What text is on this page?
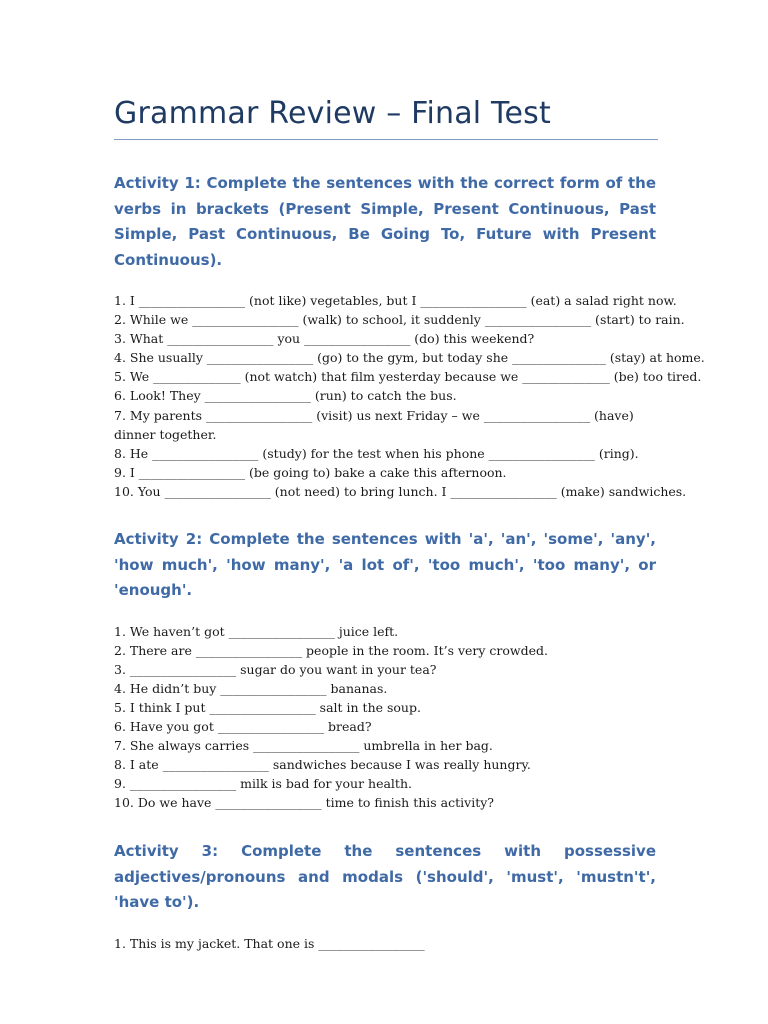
Grammar Review – Final Test

Activity 1: Complete the sentences with the correct form of the verbs in brackets (Present Simple, Present Continuous, Past Simple, Past Continuous, Be Going To, Future with Present Continuous).

1. I _________________ (not like) vegetables, but I _________________ (eat) a salad right now.
2. While we _________________ (walk) to school, it suddenly _________________ (start) to rain.
3. What _________________ you _________________ (do) this weekend?
4. She usually _________________ (go) to the gym, but today she _______________ (stay) at home.
5. We ______________ (not watch) that film yesterday because we ______________ (be) too tired.
6. Look! They _________________ (run) to catch the bus.
7. My parents _________________ (visit) us next Friday – we _________________ (have) dinner together.
8. He _________________ (study) for the test when his phone _________________ (ring).
9. I _________________ (be going to) bake a cake this afternoon.
10. You _________________ (not need) to bring lunch. I _________________ (make) sandwiches.

Activity 2: Complete the sentences with 'a', 'an', 'some', 'any', 'how much', 'how many', 'a lot of', 'too much', 'too many', or 'enough'.

1. We haven’t got _________________ juice left.
2. There are _________________ people in the room. It’s very crowded.
3. _________________ sugar do you want in your tea?
4. He didn’t buy _________________ bananas.
5. I think I put _________________ salt in the soup.
6. Have you got _________________ bread?
7. She always carries _________________ umbrella in her bag.
8. I ate _________________ sandwiches because I was really hungry.
9. _________________ milk is bad for your health.
10. Do we have _________________ time to finish this activity?

Activity 3: Complete the sentences with possessive adjectives/pronouns and modals ('should', 'must', 'mustn't', 'have to').

1. This is my jacket. That one is _________________
